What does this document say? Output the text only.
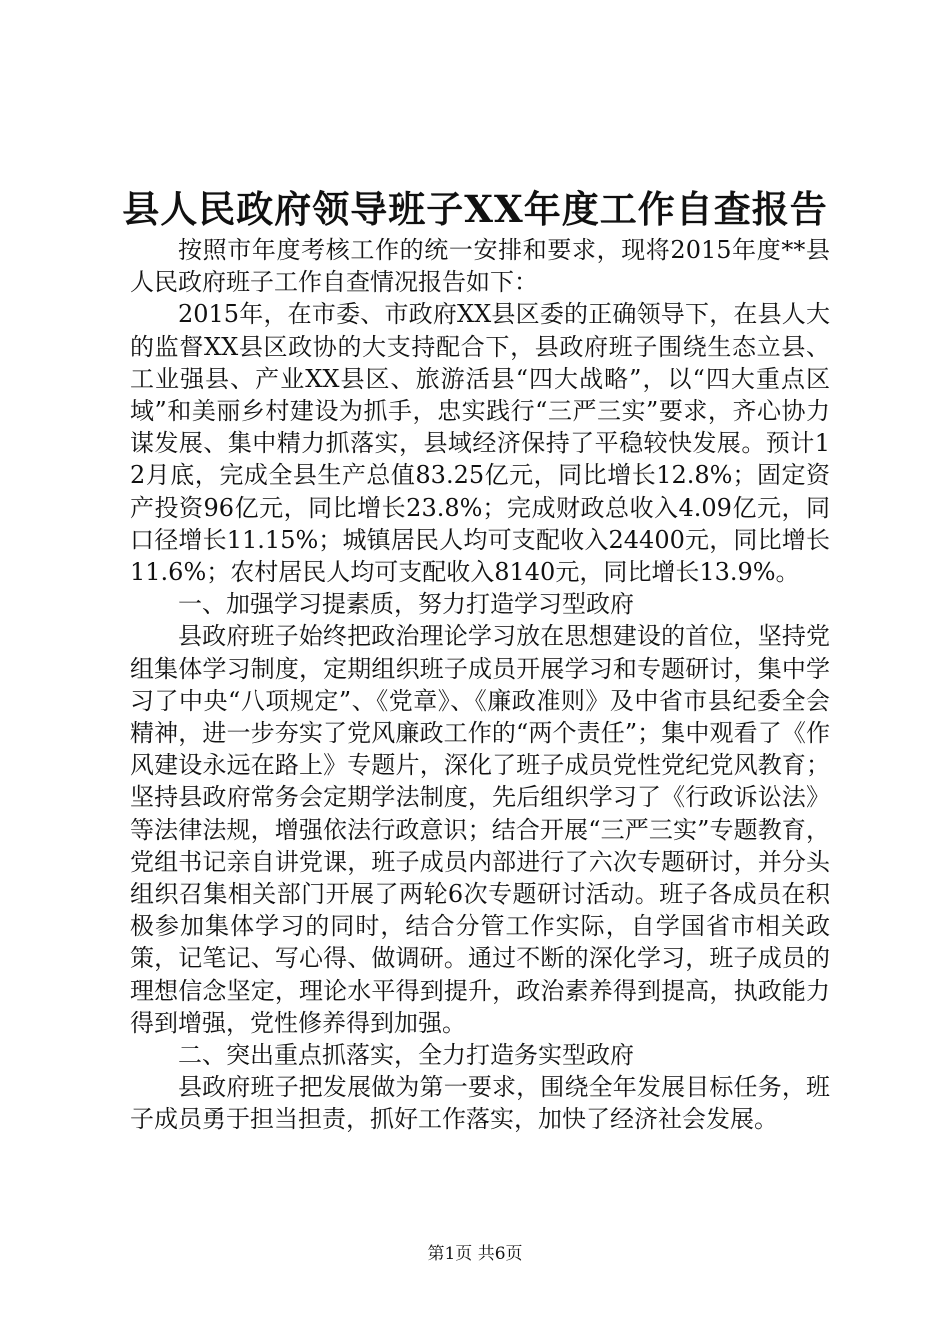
县人民政府领导班子XX年度工作自查报告

按照市年度考核工作的统一安排和要求，现将2015年度**县人民政府班子工作自查情况报告如下：

2015年，在市委、市政府XX县区委的正确领导下，在县人大的监督XX县区政协的大支持配合下，县政府班子围绕生态立县、工业强县、产业XX县区、旅游活县“四大战略”，以“四大重点区域”和美丽乡村建设为抓手，忠实践行“三严三实”要求，齐心协力谋发展、集中精力抓落实，县域经济保持了平稳较快发展。预计12月底，完成全县生产总值83.25亿元，同比增长12.8%；固定资产投资96亿元，同比增长23.8%；完成财政总收入4.09亿元，同口径增长11.15%；城镇居民人均可支配收入24400元，同比增长11.6%；农村居民人均可支配收入8140元，同比增长13.9%。

一、加强学习提素质，努力打造学习型政府

县政府班子始终把政治理论学习放在思想建设的首位，坚持党组集体学习制度，定期组织班子成员开展学习和专题研讨，集中学习了中央“八项规定”、《党章》、《廉政准则》及中省市县纪委全会精神，进一步夯实了党风廉政工作的“两个责任”；集中观看了《作风建设永远在路上》专题片，深化了班子成员党性党纪党风教育；坚持县政府常务会定期学法制度，先后组织学习了《行政诉讼法》等法律法规，增强依法行政意识；结合开展“三严三实”专题教育，党组书记亲自讲党课，班子成员内部进行了六次专题研讨，并分头组织召集相关部门开展了两轮6次专题研讨活动。班子各成员在积极参加集体学习的同时，结合分管工作实际，自学国省市相关政策，记笔记、写心得、做调研。通过不断的深化学习，班子成员的理想信念坚定，理论水平得到提升，政治素养得到提高，执政能力得到增强，党性修养得到加强。

二、突出重点抓落实，全力打造务实型政府

县政府班子把发展做为第一要求，围绕全年发展目标任务，班子成员勇于担当担责，抓好工作落实，加快了经济社会发展。

第1页 共6页
